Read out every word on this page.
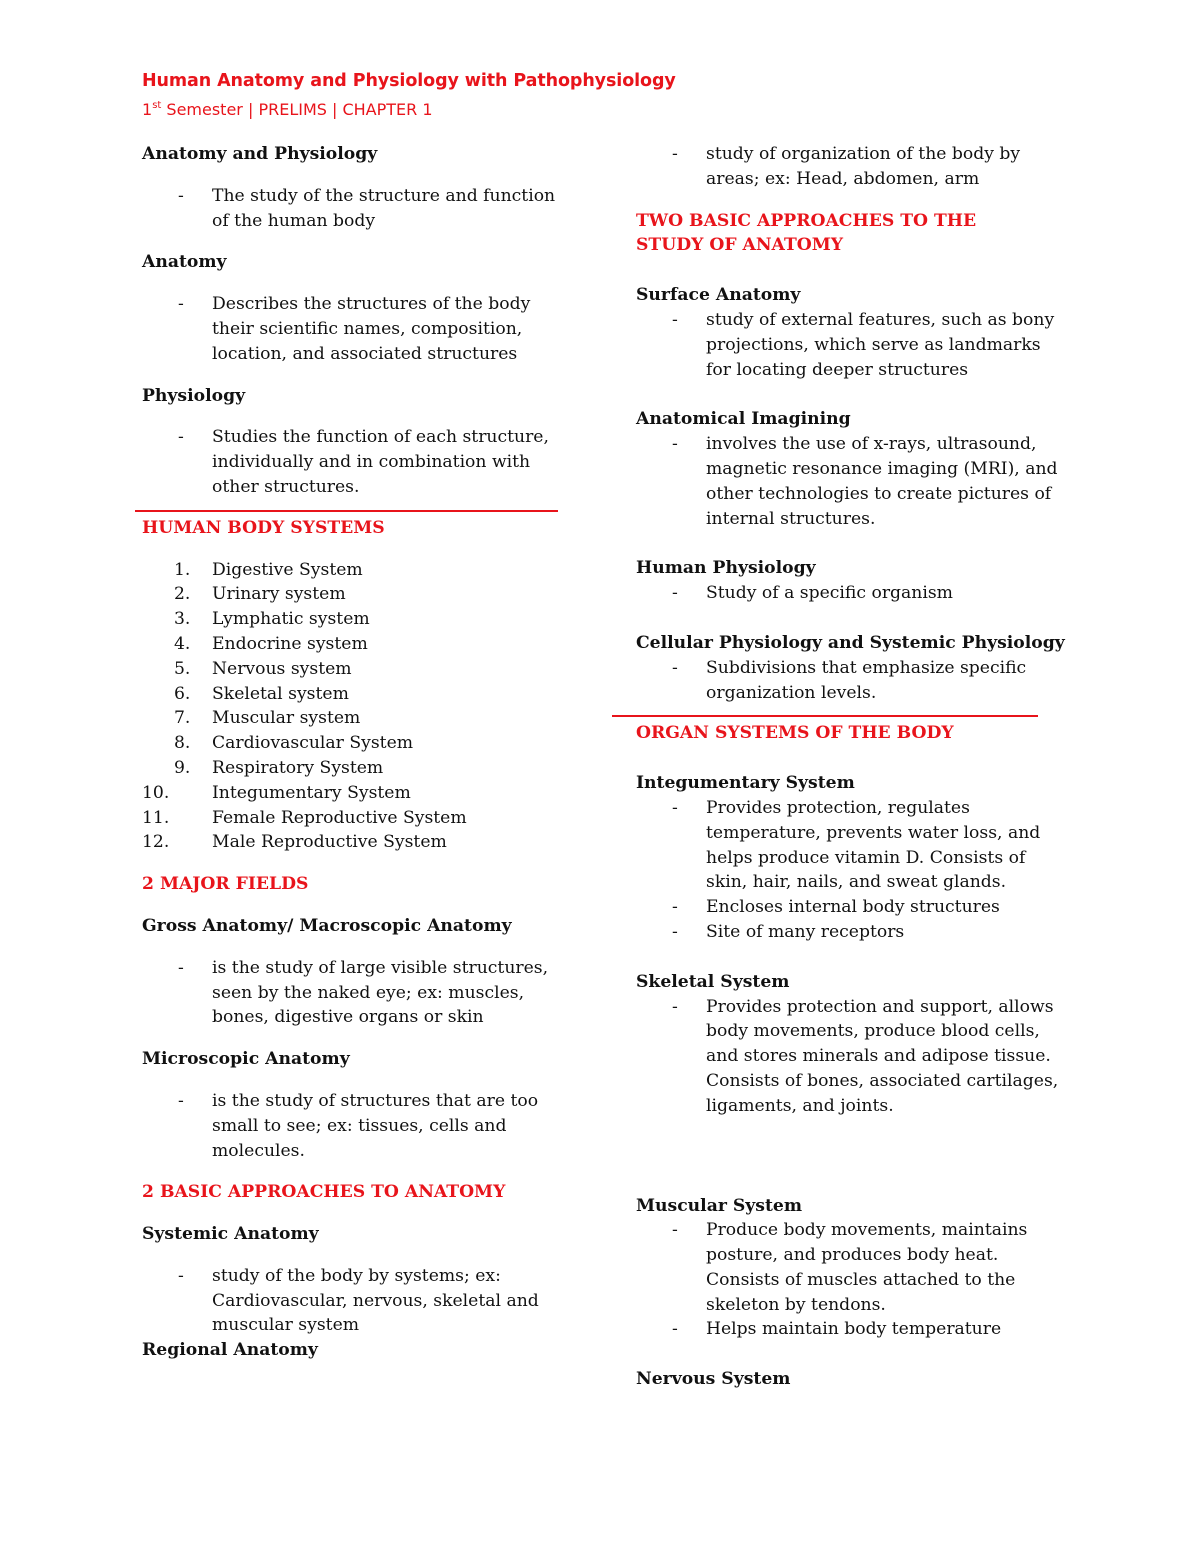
Human Anatomy and Physiology with Pathophysiology
1st Semester | PRELIMS | CHAPTER 1

Anatomy and Physiology

- The study of the structure and function of the human body

Anatomy

- Describes the structures of the body their scientific names, composition, location, and associated structures

Physiology

- Studies the function of each structure, individually and in combination with other structures.

HUMAN BODY SYSTEMS

1.	Digestive System
2.	Urinary system
3.	Lymphatic system
4.	Endocrine system
5.	Nervous system
6.	Skeletal system
7.	Muscular system
8.	Cardiovascular System
9.	Respiratory System
10. Integumentary System
11. Female Reproductive System
12. Male Reproductive System

2 MAJOR FIELDS

Gross Anatomy/ Macroscopic Anatomy

- is the study of large visible structures, seen by the naked eye; ex: muscles, bones, digestive organs or skin

Microscopic Anatomy

- is the study of structures that are too small to see; ex: tissues, cells and molecules.

2 BASIC APPROACHES TO ANATOMY

Systemic Anatomy

- study of the body by systems; ex: Cardiovascular, nervous, skeletal and muscular system

Regional Anatomy

- study of organization of the body by areas; ex: Head, abdomen, arm

TWO BASIC APPROACHES TO THE
STUDY OF ANATOMY

Surface Anatomy

- study of external features, such as bony projections, which serve as landmarks for locating deeper structures

Anatomical Imagining

- involves the use of x-rays, ultrasound, magnetic resonance imaging (MRI), and other technologies to create pictures of internal structures.

Human Physiology

- Study of a specific organism

Cellular Physiology and Systemic Physiology

- Subdivisions that emphasize specific organization levels.

ORGAN SYSTEMS OF THE BODY

Integumentary System

- Provides protection, regulates temperature, prevents water loss, and helps produce vitamin D. Consists of skin, hair, nails, and sweat glands.
- Encloses internal body structures
- Site of many receptors

Skeletal System

- Provides protection and support, allows body movements, produce blood cells, and stores minerals and adipose tissue. Consists of bones, associated cartilages, ligaments, and joints.

Muscular System

- Produce body movements, maintains posture, and produces body heat. Consists of muscles attached to the skeleton by tendons.
- Helps maintain body temperature

Nervous System
